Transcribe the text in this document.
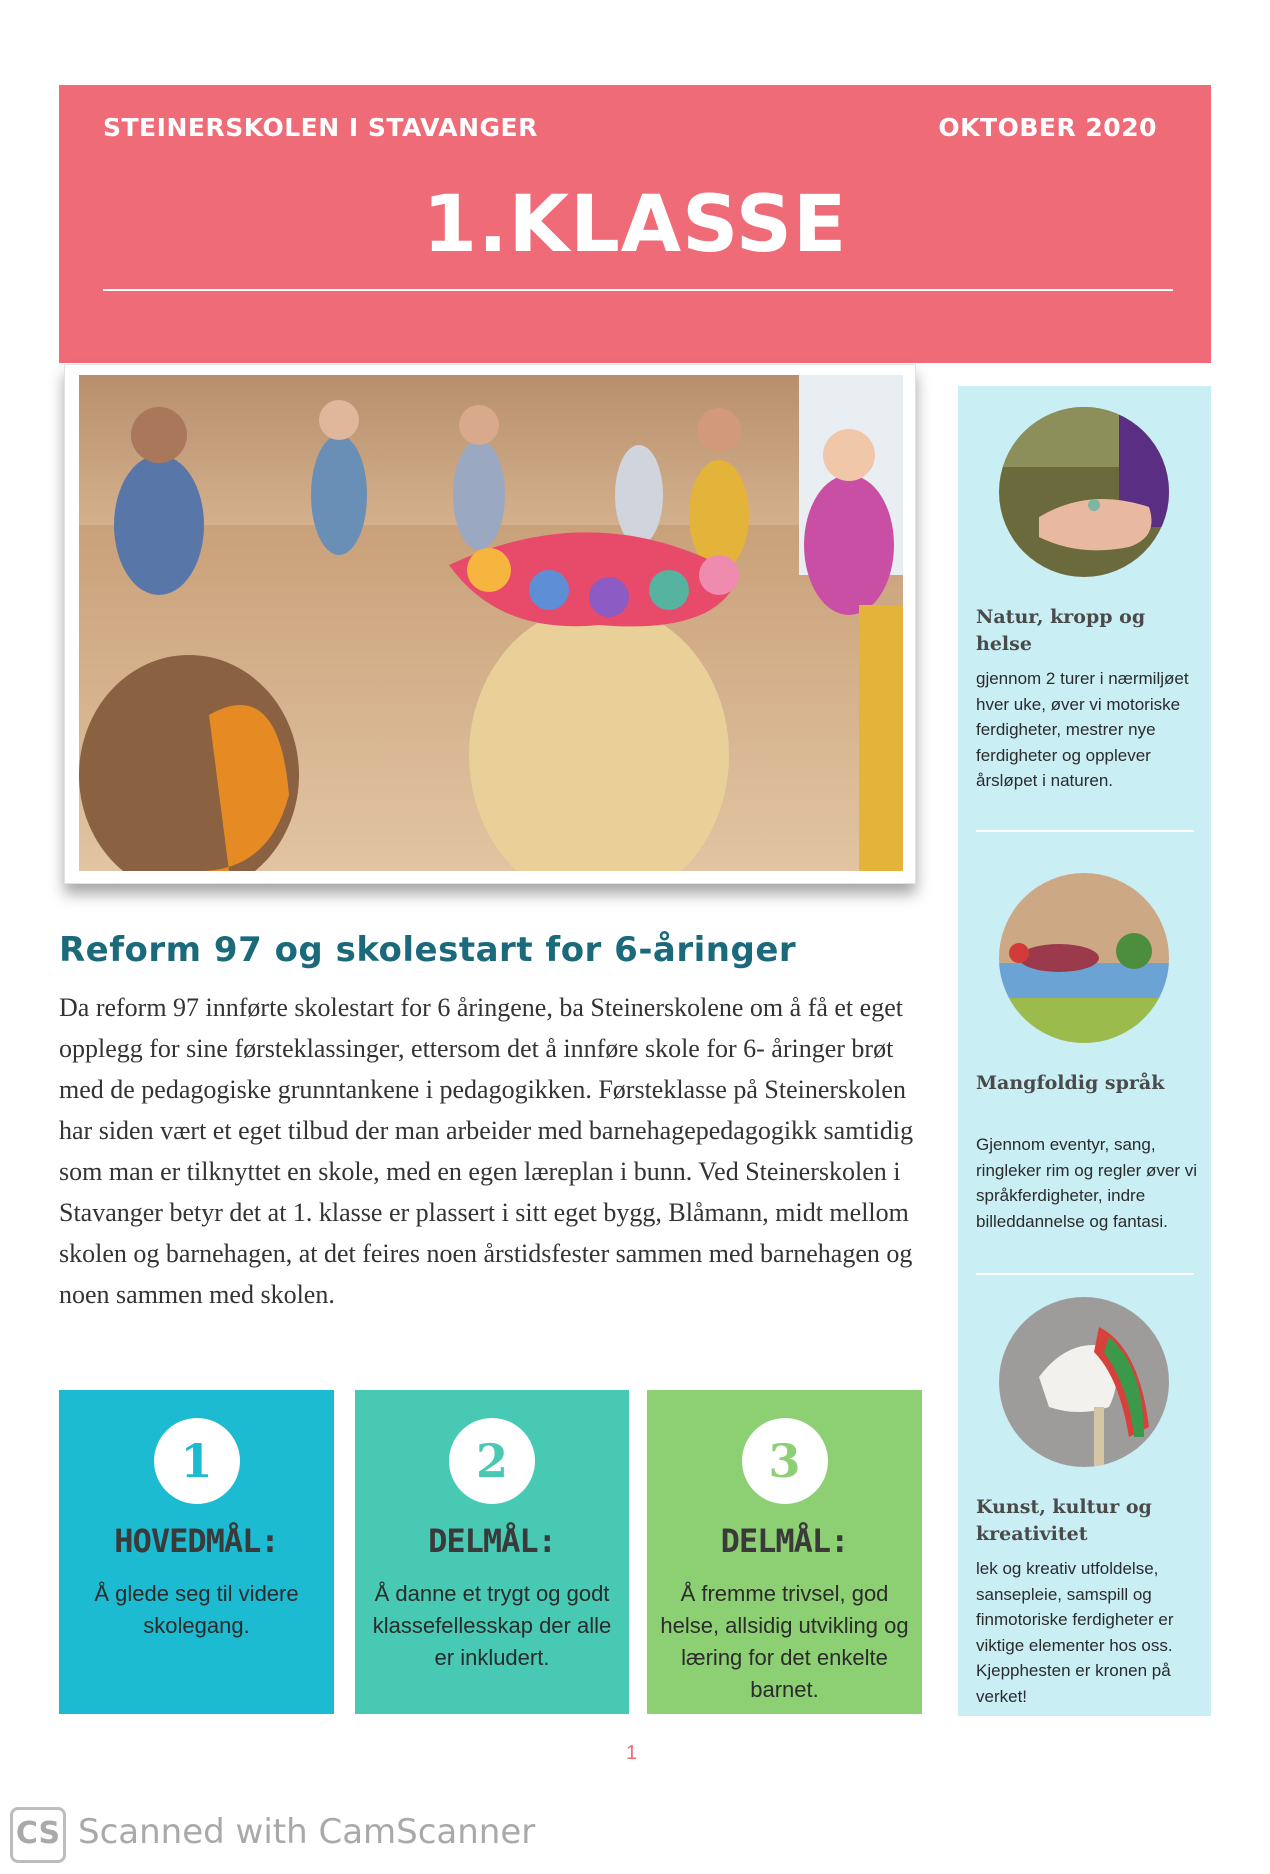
STEINERSKOLEN I STAVANGER	OKTOBER 2020
1.KLASSE
Reform 97 og skolestart for 6-åringer
Da reform 97 innførte skolestart for 6 åringene, ba Steinerskolene om å få et eget opplegg for sine førsteklassinger, ettersom det å innføre skole for 6- åringer brøt med de pedagogiske grunntankene i pedagogikken. Førsteklasse på Steinerskolen har siden vært et eget tilbud der man arbeider med barnehagepedagogikk samtidig som man er tilknyttet en skole, med en egen læreplan i bunn. Ved Steinerskolen i Stavanger betyr det at 1. klasse er plassert i sitt eget bygg, Blåmann, midt mellom skolen og barnehagen, at det feires noen årstidsfester sammen med barnehagen og noen sammen med skolen.
1
HOVEDMÅL:
Å glede seg til videre skolegang.
2
DELMÅL:
Å danne et trygt og godt klassefellesskap der alle er inkludert.
3
DELMÅL:
Å fremme trivsel, god helse, allsidig utvikling og læring for det enkelte barnet.
Natur, kropp og helse
gjennom 2 turer i nærmiljøet hver uke, øver vi motoriske ferdigheter, mestrer nye ferdigheter og opplever årsløpet i naturen.
Mangfoldig språk
Gjennom eventyr, sang, ringleker rim og regler øver vi språkferdigheter, indre billeddannelse og fantasi.
Kunst, kultur og kreativitet
lek og kreativ utfoldelse, sansepleie, samspill og finmotoriske ferdigheter er viktige elementer hos oss. Kjepphesten er kronen på verket!
1
CS Scanned with CamScanner
